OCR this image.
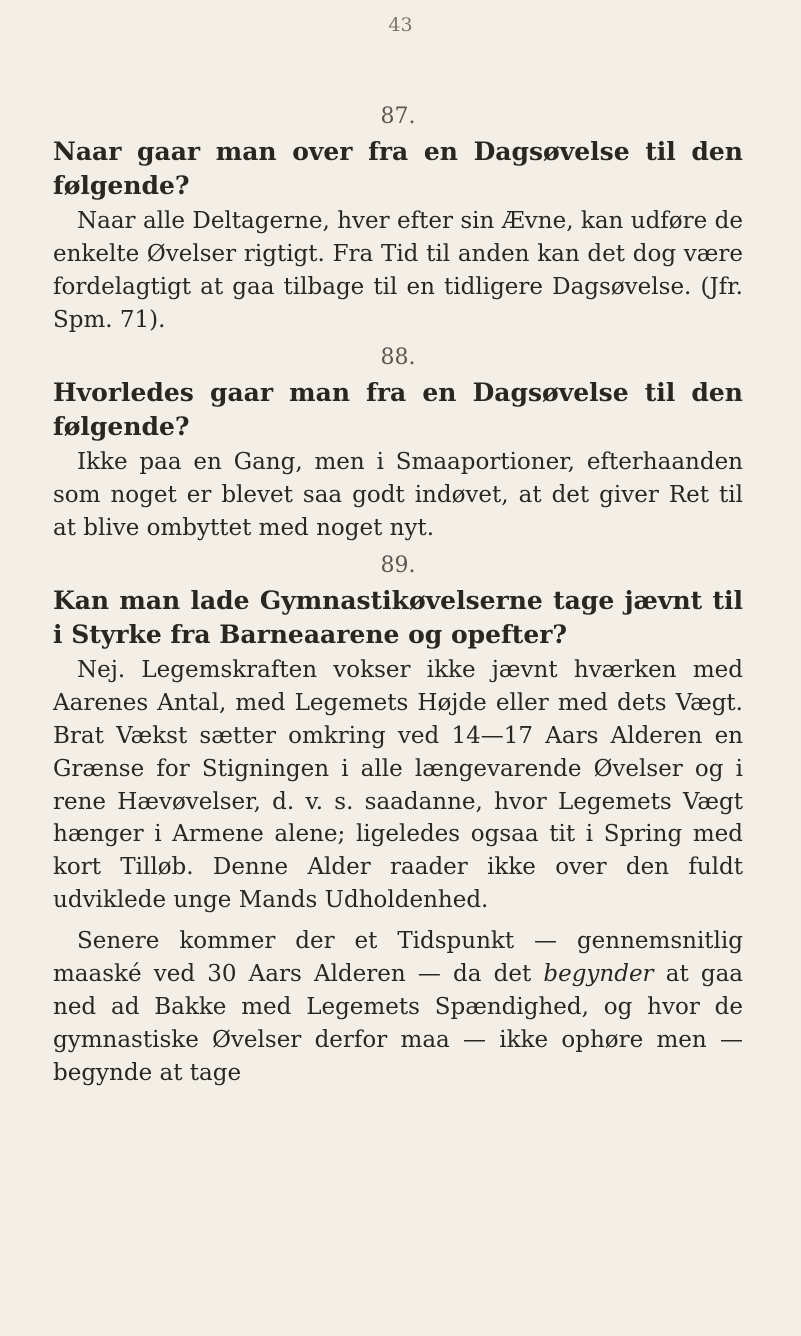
43
87.

Naar gaar man over fra en Dagsøvelse til den følgende?

Naar alle Deltagerne, hver efter sin Ævne, kan udføre de enkelte Øvelser rigtigt. Fra Tid til anden kan det dog være fordelagtigt at gaa tilbage til en tidligere Dagsøvelse. (Jfr. Spm. 71).

88.

Hvorledes gaar man fra en Dagsøvelse til den følgende?

Ikke paa en Gang, men i Smaaportioner, efterhaanden som noget er blevet saa godt indøvet, at det giver Ret til at blive ombyttet med noget nyt.

89.

Kan man lade Gymnastikøvelserne tage jævnt til i Styrke fra Barneaarene og opefter?

Nej. Legemskraften vokser ikke jævnt hværken med Aarenes Antal, med Legemets Højde eller med dets Vægt. Brat Vækst sætter omkring ved 14—17 Aars Alderen en Grænse for Stigningen i alle længevarende Øvelser og i rene Hævøvelser, d. v. s. saadanne, hvor Legemets Vægt hænger i Armene alene; ligeledes ogsaa tit i Spring med kort Tilløb. Denne Alder raader ikke over den fuldt udviklede unge Mands Udholdenhed.

Senere kommer der et Tidspunkt — gennemsnitlig maaské ved 30 Aars Alderen — da det begynder at gaa ned ad Bakke med Legemets Spændighed, og hvor de gymnastiske Øvelser derfor maa — ikke ophøre men — begynde at tage
